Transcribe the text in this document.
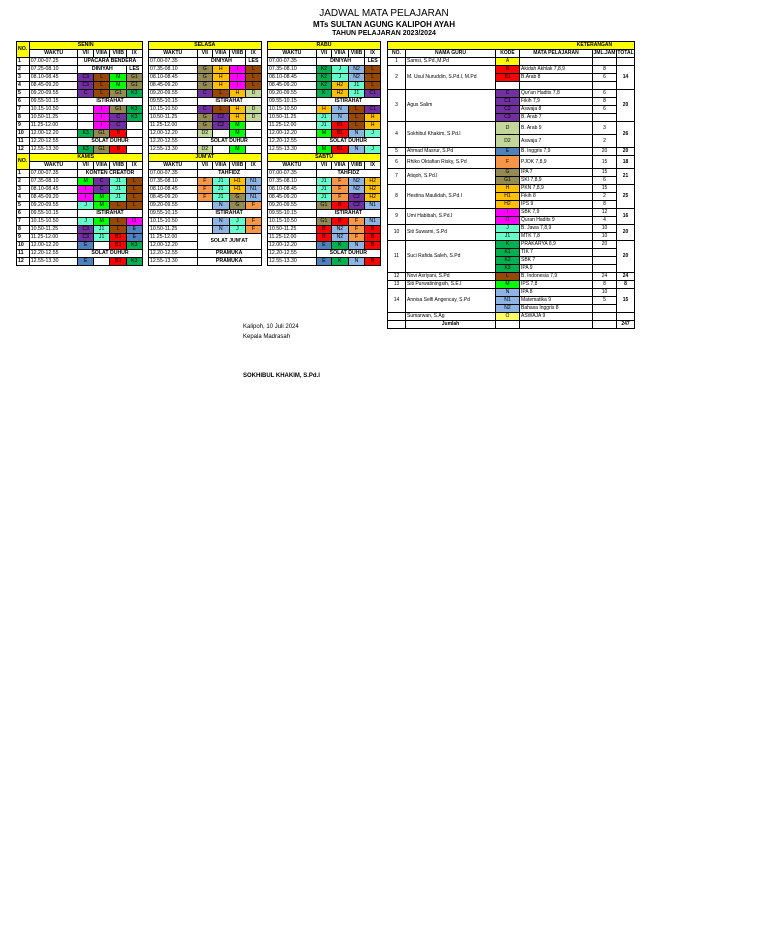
JADWAL MATA PELAJARAN
MTs SULTAN AGUNG KALIPOH AYAH
TAHUN PELAJARAN 2023/2024
NO.	SENIN						SELASA						RABU				
	WAKTU	VII	VIIIA	VIIIB	IX		WAKTU	VII	VIIIA	VIIIB	IX		WAKTU	VII	VIIIA	VIIIB	IX
1	07.00-07.25	UPACARA BENDERA					07.00-07.35	DINIYAH			LES		07.00-07.35	DINIYAH			LES
2	07.25-08.10	DINIYAH			LES		07.35-08.10	G	H	I	L		07.35-08.10	K2	J	N2	L
3	08.10-08.45	C3	L	M	G1		08.10-08.45	G	H	I	L		08.10-08.45	K2	J	N2	L
4	08.45-09.20	C3	L	M	G1		08.45-09.20	G	H	I	L		08.45-09.20	K2	H2	J1	L
5	09.20-09.55	C	L	G1	K3		09.20-09.55	C	L	H	D		09.20-09.55	K	H2	J1	C1
6	09.55-10.15	ISTIRAHAT					09.55-10.15	ISTIRAHAT					09.55-10.15	ISTIRAHAT			
7	10.15-10.50		I	G1	K3		10.15-10.50	C	L	H	D		10.15-10.50	H	N	L	C1
8	10.50-11.25		I	C	K3		10.50-11.25	G	C2	H	D		10.50-11.25	J1	N	L	H
9	11.25-12.00		I	C			11.25-12.00	G	C2	M			11.25-12.00	J1	B1	L	H
10	12.00-12.20	K3	G1	B			12.00-12.20	D2		M			12.00-12.20	M	B1	N	J
11	12.20-12.55	SOLAT DUHUR					12.20-12.55	SOLAT DUHUR					12.20-12.55	SOLAT DUHUR			
12	12.55-13.30	K3	G1	B			12.55-13.30	D2		M			12.55-13.30	M	B1	N	J
NO.	KAMIS						JUM'AT						SABTU				
	WAKTU	VII	VIIIA	VIIIB	IX		WAKTU	VII	VIIIA	VIIIB	IX		WAKTU	VII	VIIIA	VIIIB	IX
1	07.00-07.35	KONTEN CREATOR					07.00-07.35	TAHFIDZ					07.00-07.35	TAHFIDZ			
2	07.35-08.10	M	C	J1	L		07.35-08.10	F	J1	H1	N1		07.35-08.10	J1	F	N2	H2
3	08.10-08.45	I	C	J1	L		08.10-08.45	F	J1	H1	N1		08.10-08.45	J1	F	N2	H2
4	08.45-09.20	I	M	J1	L		08.45-09.20	F	J1	G	N1		08.45-09.20	J1	F	C2	H2
5	09.20-09.55	J	M	L	L		09.20-09.55		N	G	F		09.20-09.55	G1	B	C2	N1
6	09.55-10.15	ISTIRAHAT					09.55-10.15	ISTIRAHAT					09.55-10.15	ISTIRAHAT			
7	10.15-10.50	J	M	L	I1		10.15-10.50		N	J	F		10.15-10.50	G1	B	F	N1
8	10.50-11.25	C3	J1	L	E		10.50-11.25		N	J	F		10.50-11.25	B	N2	F	B
9	11.25-12.00	C3	J1	B1	E		11.25-12.00	SOLAT JUM'AT					11.25-12.00	B	N2	F	B
10	12.00-12.20	E		B1	K3		12.00-12.20						12.00-12.20	E	K	N	B
11	12.20-12.55	SOLAT DUHUR					12.20-12.55	PRAMUKA					12.20-12.55	SOLAT DUHUR			
12	12.55-13.30	E		B1	K3		12.55-13.30	PRAMUKA					12.55-13.30	E	K	N	B
KETERANGAN					
NO.	NAMA GURU	KODE	MATA PELAJARAN	JML.JAM	TOTAL
1	Samsi, S.Pd.,M.Pd	A			
2	M. Usul Nuruddin, S.Pd.I, M.Pd	B	Akidah Akhlak 7,8,9	8	14
		B1	B.Arab 8	6	

3	Agus Salim	C	Qur'an Hadits 7,8	6	20
		C1	Fikih 7,9	8	
		C2	Aswaja 8	6	
		C3	B. Arab 7		
4	Sokhibul Khakim, S.Pd.I	D	B. Arab 9	3	26
		D2	Aswaja 7	2	
5	Ahmad Masrur, S.Pd	E	B. Inggris 7,9	20	20
6	Rhiko Oktafian Risky, S.Pd	F	PJOK 7,8,9	15	18
7	Atiqoh, S.Pd.I	G	IPA 7	15	21
		G1	SKI 7,8,9	6	
8	Hestina Maulidah, S.Pd.I	H	PKN 7,8,9	15	25
		H1	Fikih 8	2	
		H2	IPS 9	8	
9	Umi Habibah, S.Pd.I	I	SBK 7,9	12	16
		I1	Quran Hadits 9	4	
10	Siti Suwarni, S.Pd	J	B. Jawa 7,8,9	10	20
		J1	MTK 7,8	10	
11	Suci Rafida Saleh, S.Pd	K	PRAKARYA 8,9	20	20
		K1	TIK 7		
		K2	SBK 7		
		K3	IPA 9		
12	Novi Asriyani, S.Pd	L	B. Indonesia 7,9	24	24
13	Siti Purwatiningsih, S.E.I	M	IPS 7,8	8	8
14	Annisa Selfi Angencay, S.Pd	N	IPA 8	10	15
		N1	Matematika 9	5	
		N2	Bahasa Inggris 8		
	Sumarwan, S.Ag	O	ASWAJA 9		
	Jumlah				247
Kalipoh, 10 Juli 2024
Kepala Madrasah
SOKHIBUL KHAKIM, S.Pd.I
